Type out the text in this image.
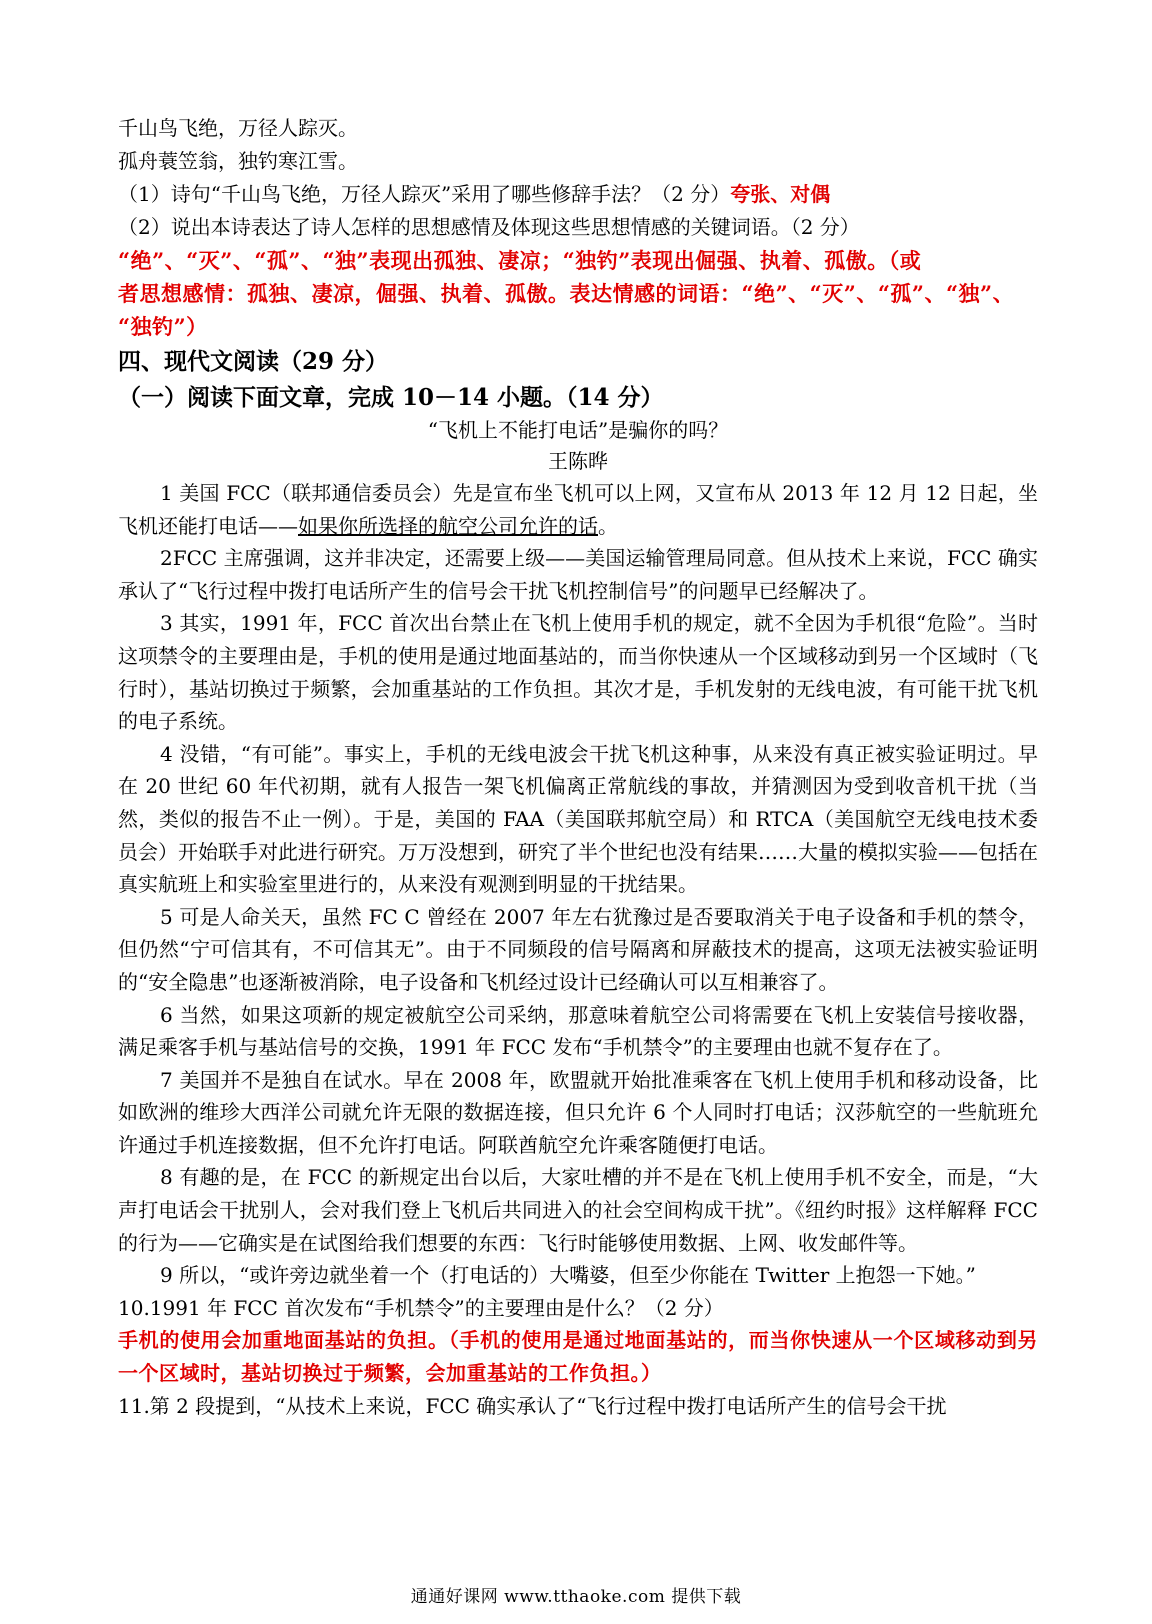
千山鸟飞绝，万径人踪灭。
孤舟蓑笠翁，独钓寒江雪。
（1）诗句“千山鸟飞绝，万径人踪灭”采用了哪些修辞手法？（2 分）夸张、对偶
（2）说出本诗表达了诗人怎样的思想感情及体现这些思想情感的关键词语。（2 分）
“绝”、“灭”、“孤”、“独”表现出孤独、凄凉；“独钓”表现出倔强、执着、孤傲。（或
者思想感情：孤独、凄凉，倔强、执着、孤傲。表达情感的词语：“绝”、“灭”、“孤”、“独”、
“独钓”）
四、现代文阅读（29 分）
（一）阅读下面文章，完成 10－14 小题。（14 分）
“飞机上不能打电话”是骗你的吗？
王陈晔

1 美国 FCC（联邦通信委员会）先是宣布坐飞机可以上网，又宣布从 2013 年 12 月 12 日起，坐飞机还能打电话——如果你所选择的航空公司允许的话。

2FCC 主席强调，这并非决定，还需要上级——美国运输管理局同意。但从技术上来说，FCC 确实承认了“飞行过程中拨打电话所产生的信号会干扰飞机控制信号”的问题早已经解决了。

3 其实，1991 年，FCC 首次出台禁止在飞机上使用手机的规定，就不全因为手机很“危险”。当时这项禁令的主要理由是，手机的使用是通过地面基站的，而当你快速从一个区域移动到另一个区域时（飞行时），基站切换过于频繁，会加重基站的工作负担。其次才是，手机发射的无线电波，有可能干扰飞机的电子系统。

4 没错，“有可能”。事实上，手机的无线电波会干扰飞机这种事，从来没有真正被实验证明过。早在 20 世纪 60 年代初期，就有人报告一架飞机偏离正常航线的事故，并猜测因为受到收音机干扰（当然，类似的报告不止一例）。于是，美国的 FAA（美国联邦航空局）和 RTCA（美国航空无线电技术委员会）开始联手对此进行研究。万万没想到，研究了半个世纪也没有结果……大量的模拟实验——包括在真实航班上和实验室里进行的，从来没有观测到明显的干扰结果。

5 可是人命关天，虽然 FC C 曾经在 2007 年左右犹豫过是否要取消关于电子设备和手机的禁令，但仍然“宁可信其有，不可信其无”。由于不同频段的信号隔离和屏蔽技术的提高，这项无法被实验证明的“安全隐患”也逐渐被消除，电子设备和飞机经过设计已经确认可以互相兼容了。

6 当然，如果这项新的规定被航空公司采纳，那意味着航空公司将需要在飞机上安装信号接收器，满足乘客手机与基站信号的交换，1991 年 FCC 发布“手机禁令”的主要理由也就不复存在了。

7 美国并不是独自在试水。早在 2008 年，欧盟就开始批准乘客在飞机上使用手机和移动设备，比如欧洲的维珍大西洋公司就允许无限的数据连接，但只允许 6 个人同时打电话；汉莎航空的一些航班允许通过手机连接数据，但不允许打电话。阿联酋航空允许乘客随便打电话。

8 有趣的是，在 FCC 的新规定出台以后，大家吐槽的并不是在飞机上使用手机不安全，而是，“大声打电话会干扰别人，会对我们登上飞机后共同进入的社会空间构成干扰”。《纽约时报》这样解释 FCC 的行为——它确实是在试图给我们想要的东西：飞行时能够使用数据、上网、收发邮件等。

9 所以，“或许旁边就坐着一个（打电话的）大嘴婆，但至少你能在 Twitter 上抱怨一下她。”

10.1991 年 FCC 首次发布“手机禁令”的主要理由是什么？（2 分）

手机的使用会加重地面基站的负担。（手机的使用是通过地面基站的，而当你快速从一个区域移动到另一个区域时，基站切换过于频繁，会加重基站的工作负担。）

11.第 2 段提到，“从技术上来说，FCC 确实承认了“飞行过程中拨打电话所产生的信号会干扰

通通好课网 www.tthaoke.com 提供下载
